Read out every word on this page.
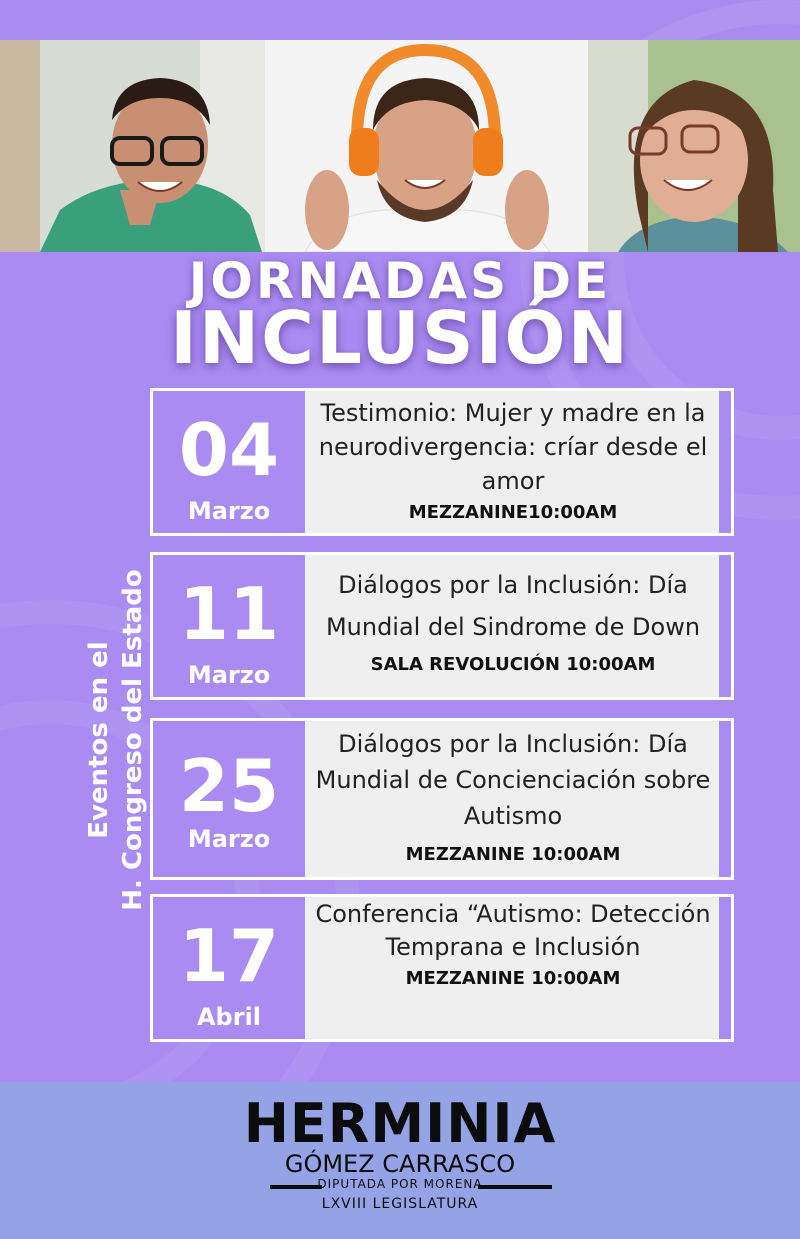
JORNADAS DE
INCLUSIÓN
Eventos en el H. Congreso del Estado
04
Marzo
Testimonio: Mujer y madre en la neurodivergencia: críar desde el amor
MEZZANINE10:00AM
11
Marzo
Diálogos por la Inclusión: Día Mundial del Sindrome de Down
SALA REVOLUCIÓN 10:00AM
25
Marzo
Diálogos por la Inclusión: Día Mundial de Concienciación sobre Autismo
MEZZANINE 10:00AM
17
Abril
Conferencia “Autismo: Detección Temprana e Inclusión
MEZZANINE 10:00AM
HERMINIA
GÓMEZ CARRASCO
DIPUTADA POR MORENA
LXVIII LEGISLATURA
